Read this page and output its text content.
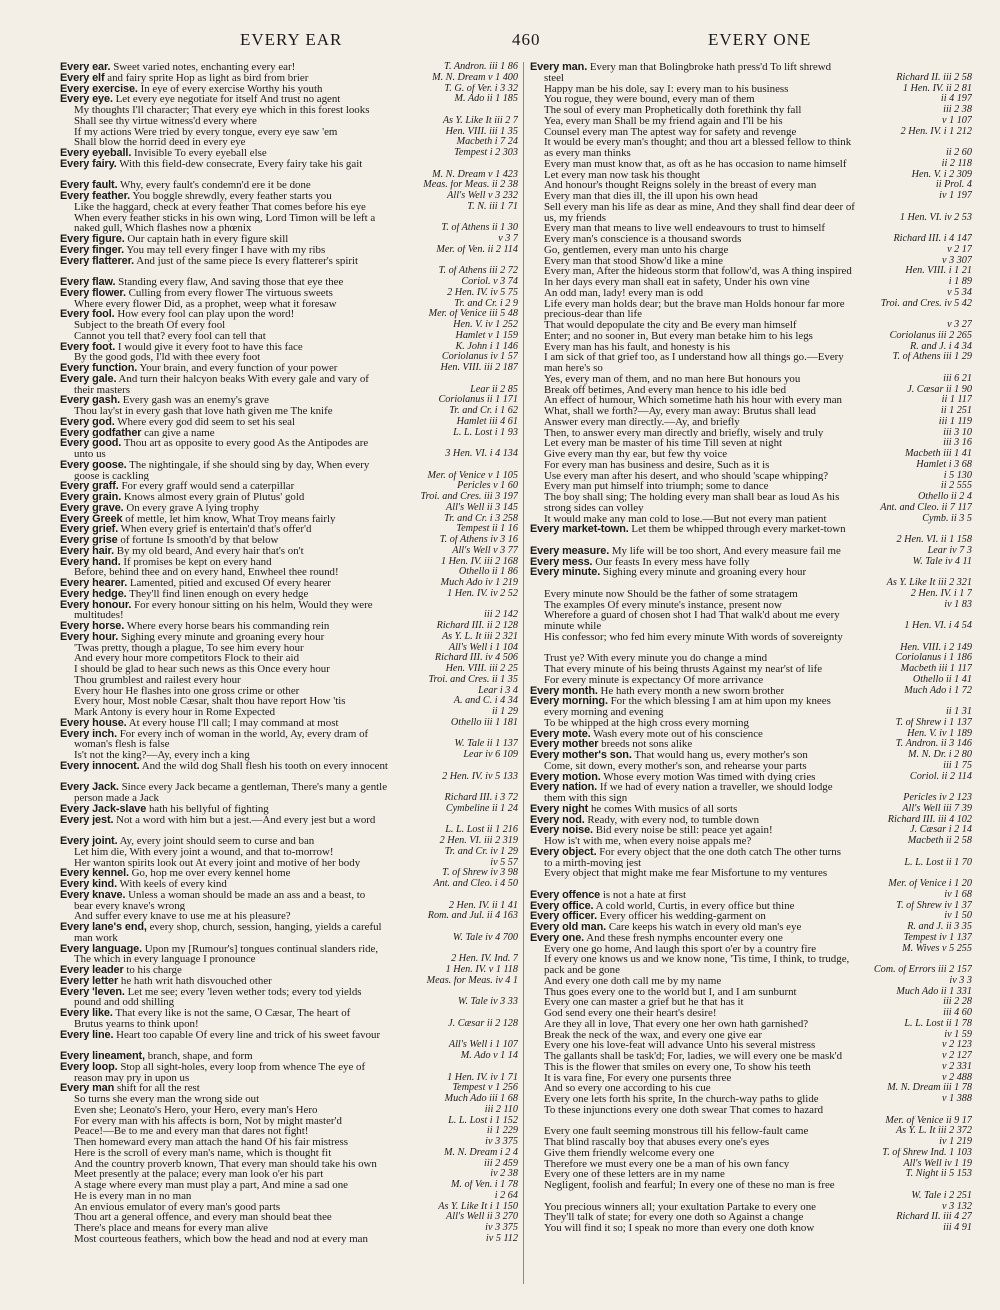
EVERY EAR	460	EVERY ONE

T. Andron. iii 1 86
Every ear. Sweet varied notes, enchanting every ear!

M. N. Dream v 1 400
Every elf and fairy sprite Hop as light as bird from brier

T. G. of Ver. i 3 32
Every exercise. In eye of every exercise Worthy his youth

M. Ado ii 1 185
Every eye. Let every eye negotiate for itself And trust no agent

My thoughts I'll character; That every eye which in this forest looks

As Y. Like It iii 2 7
Shall see thy virtue witness'd every where

Hen. VIII. iii 1 35
If my actions Were tried by every tongue, every eye saw 'em

Macbeth i 7 24
Shall blow the horrid deed in every eye

Tempest i 2 303
Every eyeball. Invisible To every eyeball else

Every fairy. With this field-dew consecrate, Every fairy take his gait

M. N. Dream v 1 423

Meas. for Meas. ii 2 38
Every fault. Why, every fault's condemn'd ere it be done

All's Well v 3 232
Every feather. You boggle shrewdly, every feather starts you

T. N. iii 1 71
Like the haggard, check at every feather That comes before his eye

When every feather sticks in his own wing, Lord Timon will be left a

T. of Athens ii 1 30
naked gull, Which flashes now a phœnix

v 3 7
Every figure. Our captain hath in every figure skill

Mer. of Ven. ii 2 114
Every finger. You may tell every finger I have with my ribs

Every flatterer. And just of the same piece Is every flatterer's spirit

T. of Athens iii 2 72

Coriol. v 3 74
Every flaw. Standing every flaw, And saving those that eye thee

2 Hen. IV. iv 5 75
Every flower. Culling from every flower The virtuous sweets

Tr. and Cr. i 2 9
Where every flower Did, as a prophet, weep what it foresaw

Mer. of Venice iii 5 48
Every fool. How every fool can play upon the word!

Hen. V. iv 1 252
Subject to the breath Of every fool

Hamlet v 1 159
Cannot you tell that? every fool can tell that

K. John i 1 146
Every foot. I would give it every foot to have this face

Coriolanus iv 1 57
By the good gods, I'ld with thee every foot

Hen. VIII. iii 2 187
Every function. Your brain, and every function of your power

Every gale. And turn their halcyon beaks With every gale and vary of

Lear ii 2 85
their masters

Coriolanus ii 1 171
Every gash. Every gash was an enemy's grave

Tr. and Cr. i 1 62
Thou lay'st in every gash that love hath given me The knife

Hamlet iii 4 61
Every god. Where every god did seem to set his seal

L. L. Lost i 1 93
Every godfather can give a name

Every good. Thou art as opposite to every good As the Antipodes are

3 Hen. VI. i 4 134
unto us

Every goose. The nightingale, if she should sing by day, When every

Mer. of Venice v 1 105
goose is cackling

Pericles v 1 60
Every graff. For every graff would send a caterpillar

Troi. and Cres. iii 3 197
Every grain. Knows almost every grain of Plutus' gold

All's Well ii 3 145
Every grave. On every grave A lying trophy

Tr. and Cr. i 3 258
Every Greek of mettle, let him know, What Troy means fairly

Tempest ii 1 16
Every grief. When every grief is entertain'd that's offer'd

T. of Athens iv 3 16
Every grise of fortune Is smooth'd by that below

All's Well v 3 77
Every hair. By my old beard, And every hair that's on't

1 Hen. IV. iii 2 168
Every hand. If promises be kept on every hand

Othello ii 1 86
Before, behind thee and on every hand, Enwheel thee round!

Much Ado iv 1 219
Every hearer. Lamented, pitied and excused Of every hearer

1 Hen. IV. iv 2 52
Every hedge. They'll find linen enough on every hedge

Every honour. For every honour sitting on his helm, Would they were

iii 2 142
multitudes!

Richard III. ii 2 128
Every horse. Where every horse bears his commanding rein

As Y. L. It iii 2 321
Every hour. Sighing every minute and groaning every hour

All's Well i 1 104
'Twas pretty, though a plague, To see him every hour

Richard III. iv 4 506
And every hour more competitors Flock to their aid

Hen. VIII. iii 2 25
I should be glad to hear such news as this Once every hour

Troi. and Cres. ii 1 35
Thou grumblest and railest every hour

Lear i 3 4
Every hour He flashes into one gross crime or other

A. and C. i 4 34
Every hour, Most noble Cæsar, shalt thou have report How 'tis

ii 1 29
Mark Antony is every hour in Rome Expected

Othello iii 1 181
Every house. At every house I'll call; I may command at most

Every inch. For every inch of woman in the world, Ay, every dram of

W. Tale ii 1 137
woman's flesh is false

Lear iv 6 109
Is't not the king?—Ay, every inch a king

Every innocent. And the wild dog Shall flesh his tooth on every innocent

2 Hen. IV. iv 5 133

Every Jack. Since every Jack became a gentleman, There's many a gentle

Richard III. i 3 72
person made a Jack

Cymbeline ii 1 24
Every Jack-slave hath his bellyful of fighting

Every jest. Not a word with him but a jest.—And every jest but a word

L. L. Lost ii 1 216

2 Hen. VI. iii 2 319
Every joint. Ay, every joint should seem to curse and ban

Tr. and Cr. iv 1 29
Let him die, With every joint a wound, and that to-morrow!

iv 5 57
Her wanton spirits look out At every joint and motive of her body

T. of Shrew iv 3 98
Every kennel. Go, hop me over every kennel home

Ant. and Cleo. i 4 50
Every kind. With keels of every kind

Every knave. Unless a woman should be made an ass and a beast, to

2 Hen. IV. ii 1 41
bear every knave's wrong

Rom. and Jul. ii 4 163
And suffer every knave to use me at his pleasure?

Every lane's end, every shop, church, session, hanging, yields a careful

W. Tale iv 4 700
man work

Every language. Upon my [Rumour's] tongues continual slanders ride,

2 Hen. IV. Ind. 7
The which in every language I pronounce

1 Hen. IV. v 1 118
Every leader to his charge

Meas. for Meas. iv 4 1
Every letter he hath writ hath disvouched other

Every 'leven. Let me see; every 'leven wether tods; every tod yields

W. Tale iv 3 33
pound and odd shilling

Every like. That every like is not the same, O Cæsar, The heart of

J. Cæsar ii 2 128
Brutus yearns to think upon!

Every line. Heart too capable Of every line and trick of his sweet favour

All's Well i 1 107

M. Ado v 1 14
Every lineament, branch, shape, and form

Every loop. Stop all sight-holes, every loop from whence The eye of

1 Hen. IV. iv 1 71
reason may pry in upon us

Tempest v 1 256
Every man shift for all the rest

Much Ado iii 1 68
So turns she every man the wrong side out

iii 2 110
Even she; Leonato's Hero, your Hero, every man's Hero

L. L. Lost i 1 152
For every man with his affects is born, Not by might master'd

ii 1 229
Peace!—Be to me and every man that dares not fight!

iv 3 375
Then homeward every man attach the hand Of his fair mistress

M. N. Dream i 2 4
Here is the scroll of every man's name, which is thought fit

iii 2 459
And the country proverb known, That every man should take his own

iv 2 38
Meet presently at the palace; every man look o'er his part

M. of Ven. i 1 78
A stage where every man must play a part, And mine a sad one

i 2 64
He is every man in no man

As Y. Like It i 1 150
An envious emulator of every man's good parts

All's Well ii 3 270
Thou art a general offence, and every man should beat thee

iv 3 375
There's place and means for every man alive

iv 5 112
Most courteous feathers, which bow the head and nod at every man

Every man. Every man that Bolingbroke hath press'd To lift shrewd

Richard II. iii 2 58
steel

1 Hen. IV. ii 2 81
Happy man be his dole, say I: every man to his business

ii 4 197
You rogue, they were bound, every man of them

iii 2 38
The soul of every man Prophetically doth forethink thy fall

v 1 107
Yea, every man Shall be my friend again and I'll be his

2 Hen. IV. i 1 212
Counsel every man The aptest way for safety and revenge

It would be every man's thought; and thou art a blessed fellow to think

ii 2 60
as every man thinks

ii 2 118
Every man must know that, as oft as he has occasion to name himself

Hen. V. i 2 309
Let every man now task his thought

ii Prol. 4
And honour's thought Reigns solely in the breast of every man

iv 1 197
Every man that dies ill, the ill upon his own head

Sell every man his life as dear as mine, And they shall find dear deer of

1 Hen. VI. iv 2 53
us, my friends

Every man that means to live well endeavours to trust to himself

Richard III. i 4 147
Every man's conscience is a thousand swords

v 2 17
Go, gentlemen, every man unto his charge

v 3 307
Every man that stood Show'd like a mine

Hen. VIII. i 1 21
Every man, After the hideous storm that follow'd, was A thing inspired

i 1 89
In her days every man shall eat in safety, Under his own vine

v 5 34
An odd man, lady! every man is odd

Troi. and Cres. iv 5 42
Life every man holds dear; but the brave man Holds honour far more

precious-dear than life

v 3 27
That would depopulate the city and Be every man himself

Coriolanus iii 2 265
Enter; and no sooner in, But every man betake him to his legs

R. and J. i 4 34
Every man has his fault, and honesty is his

T. of Athens iii 1 29
I am sick of that grief too, as I understand how all things go.—Every

man here's so

iii 6 21
Yes, every man of them, and no man here But honours you

J. Cæsar ii 1 90
Break off betimes, And every man hence to his idle bed

ii 1 117
An effect of humour, Which sometime hath his hour with every man

ii 1 251
What, shall we forth?—Ay, every man away: Brutus shall lead

iii 1 119
Answer every man directly.—Ay, and briefly

iii 3 10
Then, to answer every man directly and briefly, wisely and truly

iii 3 16
Let every man be master of his time Till seven at night

Macbeth iii 1 41
Give every man thy ear, but few thy voice

Hamlet i 3 68
For every man has business and desire, Such as it is

i 5 130
Use every man after his desert, and who should 'scape whipping?

ii 2 555
Every man put himself into triumph; some to dance

Othello ii 2 4
The boy shall sing; The holding every man shall bear as loud As his

Ant. and Cleo. ii 7 117
strong sides can volley

Cymb. ii 3 5
It would make any man cold to lose.—But not every man patient

Every market-town. Let them be whipped through every market-town

2 Hen. VI. ii 1 158

Lear iv 7 3
Every measure. My life will be too short, And every measure fail me

W. Tale iv 4 11
Every mess. Our feasts In every mess have folly

Every minute. Sighing every minute and groaning every hour

As Y. Like It iii 2 321

2 Hen. IV. i 1 7
Every minute now Should be the father of some stratagem

iv 1 83
The examples Of every minute's instance, present now

Wherefore a guard of chosen shot I had That walk'd about me every

1 Hen. VI. i 4 54
minute while

His confessor; who fed him every minute With words of sovereignty

Hen. VIII. i 2 149

Coriolanus i 1 186
Trust ye? With every minute you do change a mind

Macbeth iii 1 117
That every minute of his being thrusts Against my near'st of life

Othello ii 1 41
For every minute is expectancy Of more arrivance

Much Ado i 1 72
Every month. He hath every month a new sworn brother

Every morning. For the which blessing I am at him upon my knees

ii 1 31
every morning and evening

T. of Shrew i 1 137
To be whipped at the high cross every morning

Hen. V. iv 1 189
Every mote. Wash every mote out of his conscience

T. Andron. ii 3 146
Every mother breeds not sons alike

M. N. Dr. i 2 80
Every mother's son. That would hang us, every mother's son

iii 1 75
Come, sit down, every mother's son, and rehearse your parts

Coriol. ii 2 114
Every motion. Whose every motion Was timed with dying cries

Every nation. If we had of every nation a traveller, we should lodge

Pericles iv 2 123
them with this sign

All's Well iii 7 39
Every night he comes With musics of all sorts

Richard III. iii 4 102
Every nod. Ready, with every nod, to tumble down

J. Cæsar i 2 14
Every noise. Bid every noise be still: peace yet again!

Macbeth ii 2 58
How is't with me, when every noise appals me?

Every object. For every object that the one doth catch The other turns

L. L. Lost ii 1 70
to a mirth-moving jest

Every object that might make me fear Misfortune to my ventures

Mer. of Venice i 1 20

iv 1 68
Every offence is not a hate at first

T. of Shrew iv 1 37
Every office. A cold world, Curtis, in every office but thine

iv 1 50
Every officer. Every officer his wedding-garment on

R. and J. ii 3 35
Every old man. Care keeps his watch in every old man's eye

Tempest iv 1 137
Every one. And these fresh nymphs encounter every one

M. Wives v 5 255
Every one go home, And laugh this sport o'er by a country fire

If every one knows us and we know none, 'Tis time, I think, to trudge,

Com. of Errors iii 2 157
pack and be gone

iv 3 3
And every one doth call me by my name

Much Ado ii 1 331
Thus goes every one to the world but I, and I am sunburnt

iii 2 28
Every one can master a grief but he that has it

iii 4 60
God send every one their heart's desire!

L. L. Lost ii 1 78
Are they all in love, That every one her own hath garnished?

iv 1 59
Break the neck of the wax, and every one give ear

v 2 123
Every one his love-feat will advance Unto his several mistress

v 2 127
The gallants shall be task'd; For, ladies, we will every one be mask'd

v 2 331
This is the flower that smiles on every one, To show his teeth

v 2 488
It is vara fine, For every one pursents three

M. N. Dream iii 1 78
And so every one according to his cue

v 1 388
Every one lets forth his sprite, In the church-way paths to glide

To these injunctions every one doth swear That comes to hazard

Mer. of Venice ii 9 17

As Y. L. It iii 2 372
Every one fault seeming monstrous till his fellow-fault came

iv 1 219
That blind rascally boy that abuses every one's eyes

T. of Shrew Ind. 1 103
Give them friendly welcome every one

All's Well iv 1 19
Therefore we must every one be a man of his own fancy

T. Night ii 5 153
Every one of these letters are in my name

Negligent, foolish and fearful; In every one of these no man is free

W. Tale i 2 251

v 3 132
You precious winners all; your exultation Partake to every one

Richard II. iii 4 27
They'll talk of state; for every one doth so Against a change

iii 4 91
You will find it so; I speak no more than every one doth know
